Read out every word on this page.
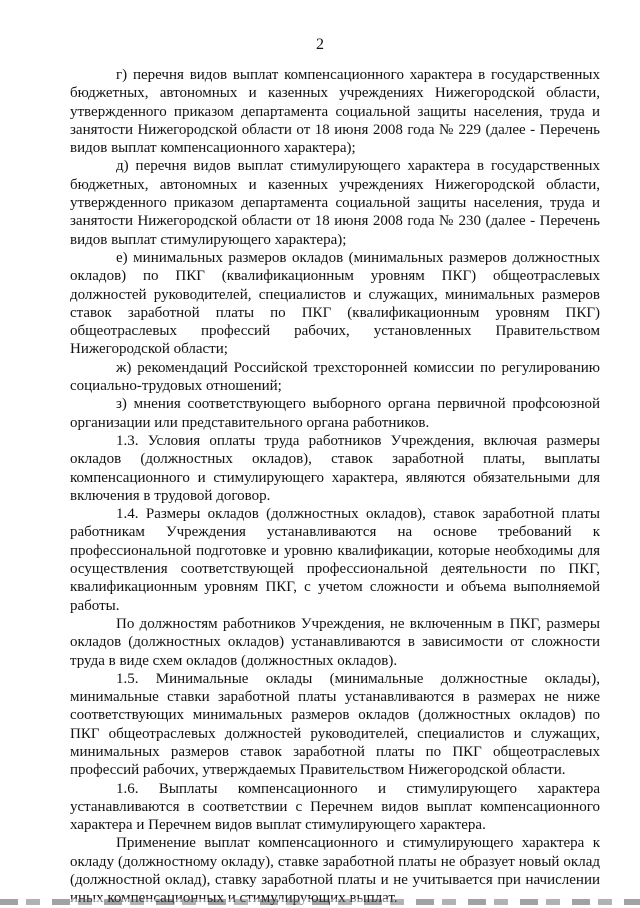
2

г) перечня видов выплат компенсационного характера в государственных бюджетных, автономных и казенных учреждениях Нижегородской области, утвержденного приказом департамента социальной защиты населения, труда и занятости Нижегородской области от 18 июня 2008 года № 229 (далее - Перечень видов выплат компенсационного характера);

д) перечня видов выплат стимулирующего характера в государственных бюджетных, автономных и казенных учреждениях Нижегородской области, утвержденного приказом департамента социальной защиты населения, труда и занятости Нижегородской области от 18 июня 2008 года № 230 (далее - Перечень видов выплат стимулирующего характера);

е) минимальных размеров окладов (минимальных размеров должностных окладов) по ПКГ (квалификационным уровням ПКГ) общеотраслевых должностей руководителей, специалистов и служащих, минимальных размеров ставок заработной платы по ПКГ (квалификационным уровням ПКГ) общеотраслевых профессий рабочих, установленных Правительством Нижегородской области;

ж) рекомендаций Российской трехсторонней комиссии по регулированию социально-трудовых отношений;

з) мнения соответствующего выборного органа первичной профсоюзной организации или представительного органа работников.

1.3. Условия оплаты труда работников Учреждения, включая размеры окладов (должностных окладов), ставок заработной платы, выплаты компенсационного и стимулирующего характера, являются обязательными для включения в трудовой договор.

1.4. Размеры окладов (должностных окладов), ставок заработной платы работникам Учреждения устанавливаются на основе требований к профессиональной подготовке и уровню квалификации, которые необходимы для осуществления соответствующей профессиональной деятельности по ПКГ, квалификационным уровням ПКГ, с учетом сложности и объема выполняемой работы.

По должностям работников Учреждения, не включенным в ПКГ, размеры окладов (должностных окладов) устанавливаются в зависимости от сложности труда в виде схем окладов (должностных окладов).

1.5. Минимальные оклады (минимальные должностные оклады), минимальные ставки заработной платы устанавливаются в размерах не ниже соответствующих минимальных размеров окладов (должностных окладов) по ПКГ общеотраслевых должностей руководителей, специалистов и служащих, минимальных размеров ставок заработной платы по ПКГ общеотраслевых профессий рабочих, утверждаемых Правительством Нижегородской области.

1.6. Выплаты компенсационного и стимулирующего характера устанавливаются в соответствии с Перечнем видов выплат компенсационного характера и Перечнем видов выплат стимулирующего характера.

Применение выплат компенсационного и стимулирующего характера к окладу (должностному окладу), ставке заработной платы не образует новый оклад (должностной оклад), ставку заработной платы и не учитывается при начислении
